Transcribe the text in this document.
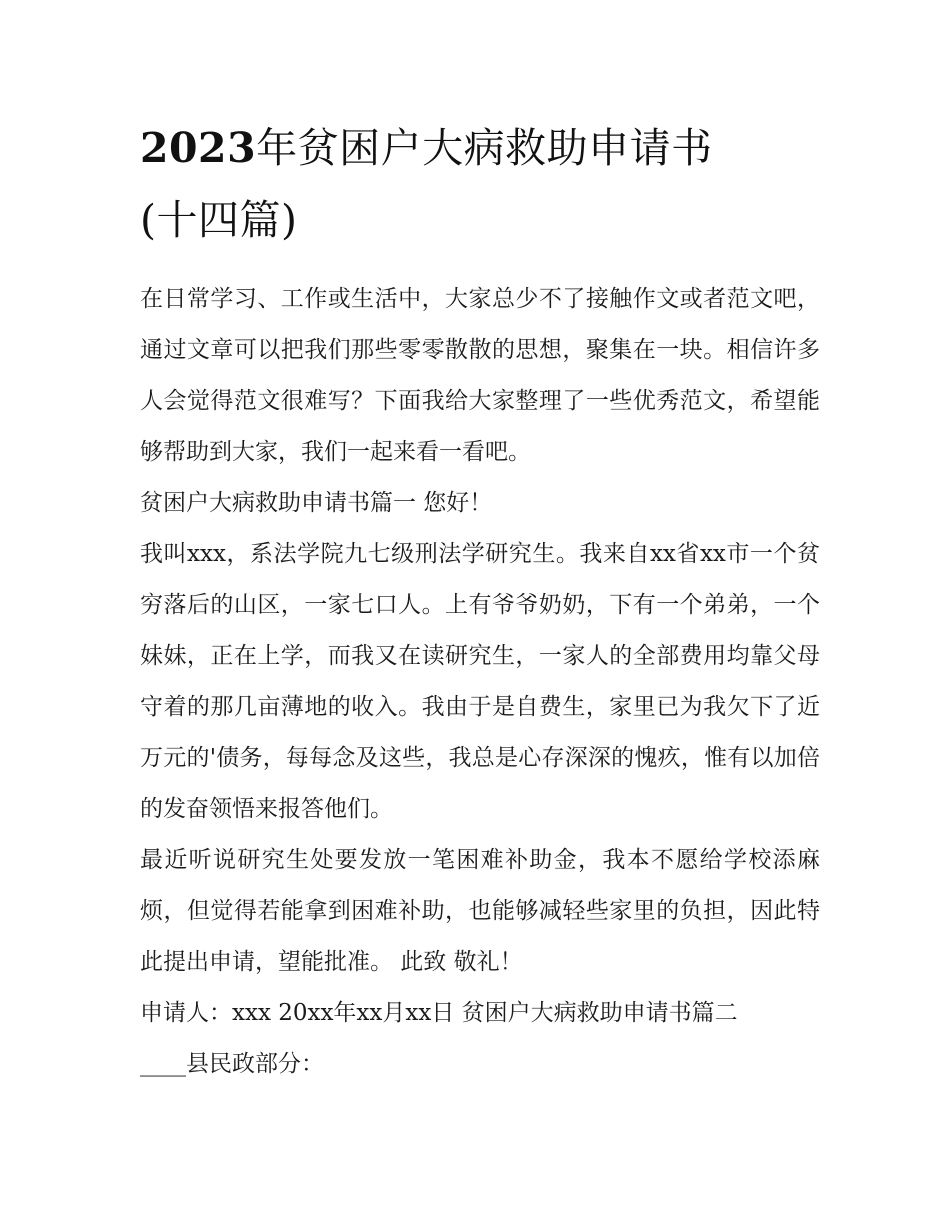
2023年贫困户大病救助申请书
(十四篇)

在日常学习、工作或生活中，大家总少不了接触作文或者范文吧，通过文章可以把我们那些零零散散的思想，聚集在一块。相信许多人会觉得范文很难写？下面我给大家整理了一些优秀范文，希望能够帮助到大家，我们一起来看一看吧。

贫困户大病救助申请书篇一 您好！

我叫xxx，系法学院九七级刑法学研究生。我来自xx省xx市一个贫穷落后的山区，一家七口人。上有爷爷奶奶，下有一个弟弟，一个妹妹，正在上学，而我又在读研究生，一家人的全部费用均靠父母守着的那几亩薄地的收入。我由于是自费生，家里已为我欠下了近万元的'债务，每每念及这些，我总是心存深深的愧疚，惟有以加倍的发奋领悟来报答他们。

最近听说研究生处要发放一笔困难补助金，我本不愿给学校添麻烦，但觉得若能拿到困难补助，也能够减轻些家里的负担，因此特此提出申请，望能批准。 此致 敬礼！

申请人：xxx 20xx年xx月xx日 贫困户大病救助申请书篇二

____县民政部分：
